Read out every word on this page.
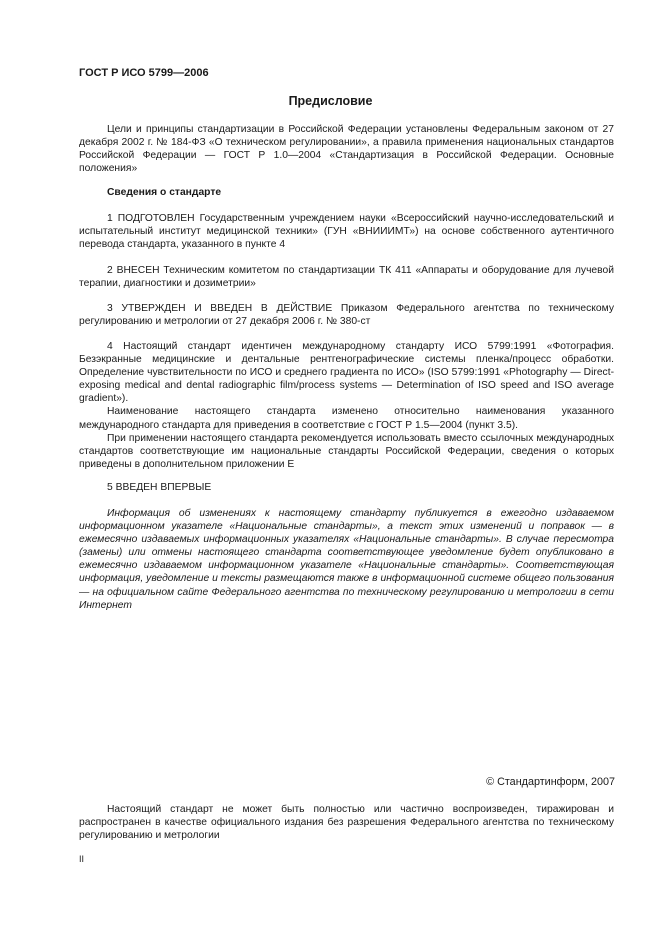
ГОСТ Р ИСО 5799—2006
Предисловие

Цели и принципы стандартизации в Российской Федерации установлены Федеральным законом от 27 декабря 2002 г. № 184-ФЗ «О техническом регулировании», а правила применения национальных стандартов Российской Федерации — ГОСТ Р 1.0—2004 «Стандартизация в Российской Федерации. Основные положения»

Сведения о стандарте

1 ПОДГОТОВЛЕН Государственным учреждением науки «Всероссийский научно-исследовательский и испытательный институт медицинской техники» (ГУН «ВНИИИМТ») на основе собственного аутентичного перевода стандарта, указанного в пункте 4

2 ВНЕСЕН Техническим комитетом по стандартизации ТК 411 «Аппараты и оборудование для лучевой терапии, диагностики и дозиметрии»

3 УТВЕРЖДЕН И ВВЕДЕН В ДЕЙСТВИЕ Приказом Федерального агентства по техническому регулированию и метрологии от 27 декабря 2006 г. № 380-ст

4 Настоящий стандарт идентичен международному стандарту ИСО 5799:1991 «Фотография. Безэкранные медицинские и дентальные рентгенографические системы пленка/процесс обработки. Определение чувствительности по ИСО и среднего градиента по ИСО» (ISO 5799:1991 «Photography — Direct-exposing medical and dental radiographic film/process systems — Determination of ISO speed and ISO average gradient»).

Наименование настоящего стандарта изменено относительно наименования указанного международного стандарта для приведения в соответствие с ГОСТ Р 1.5—2004 (пункт 3.5).

При применении настоящего стандарта рекомендуется использовать вместо ссылочных международных стандартов соответствующие им национальные стандарты Российской Федерации, сведения о которых приведены в дополнительном приложении Е

5 ВВЕДЕН ВПЕРВЫЕ

Информация об изменениях к настоящему стандарту публикуется в ежегодно издаваемом информационном указателе «Национальные стандарты», а текст этих изменений и поправок — в ежемесячно издаваемых информационных указателях «Национальные стандарты». В случае пересмотра (замены) или отмены настоящего стандарта соответствующее уведомление будет опубликовано в ежемесячно издаваемом информационном указателе «Национальные стандарты». Соответствующая информация, уведомление и тексты размещаются также в информационной системе общего пользования — на официальном сайте Федерального агентства по техническому регулированию и метрологии в сети Интернет

© Стандартинформ, 2007

Настоящий стандарт не может быть полностью или частично воспроизведен, тиражирован и распространен в качестве официального издания без разрешения Федерального агентства по техническому регулированию и метрологии

II
